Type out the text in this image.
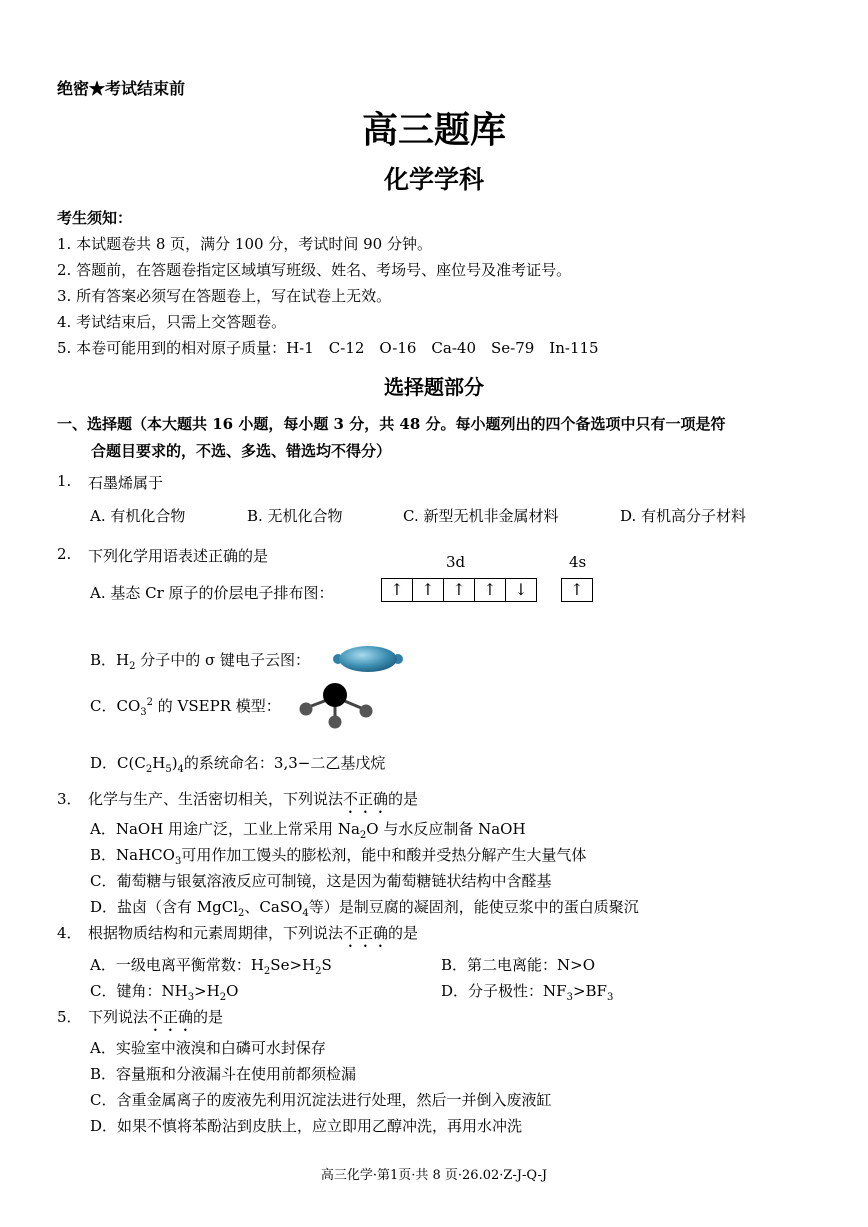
绝密★考试结束前
高三题库
化学学科
考生须知：
1. 本试题卷共 8 页，满分 100 分，考试时间 90 分钟。
2. 答题前，在答题卷指定区域填写班级、姓名、考场号、座位号及准考证号。
3. 所有答案必须写在答题卷上，写在试卷上无效。
4. 考试结束后，只需上交答题卷。
5. 本卷可能用到的相对原子质量：H-1　C-12　O-16　Ca-40　Se-79　In-115
选择题部分
一、选择题（本大题共 16 小题，每小题 3 分，共 48 分。每小题列出的四个备选项中只有一项是符
合题目要求的，不选、多选、错选均不得分）
1. 石墨烯属于
A. 有机化合物	B. 无机化合物	C. 新型无机非金属材料	D. 有机高分子材料
2. 下列化学用语表述正确的是	3d	4s
A. 基态 Cr 原子的价层电子排布图：	↑	↑	↑	↑	↓	↑
B．$H_2$ 分子中的 σ 键电子云图：
C．$CO_3^2$ 的 VSEPR 模型：
D．$C(C_2H_5)_4$的系统命名：3,3−二乙基戊烷
3． 化学与生产、生活密切相关，下列说法不正确的是
A．NaOH 用途广泛，工业上常采用 $Na_2O$ 与水反应制备 NaOH
B．NaHCO$_3$可用作加工馒头的膨松剂，能中和酸并受热分解产生大量气体
C．葡萄糖与银氨溶液反应可制镜，这是因为葡萄糖链状结构中含醛基
D．盐卤（含有 MgCl$_2$、CaSO$_4$等）是制豆腐的凝固剂，能使豆浆中的蛋白质聚沉
4． 根据物质结构和元素周期律，下列说法不正确的是
A．一级电离平衡常数：$H_2Se>H_2S$	B．第二电离能：N>O
C．键角：$NH_3>H_2O$	D．分子极性：$NF_3>BF_3$
5． 下列说法不正确的是
A．实验室中液溴和白磷可水封保存
B．容量瓶和分液漏斗在使用前都须检漏
C．含重金属离子的废液先利用沉淀法进行处理，然后一并倒入废液缸
D．如果不慎将苯酚沾到皮肤上，应立即用乙醇冲洗，再用水冲洗
高三化学·第1页·共 8 页·26.02·Z-J-Q-J
